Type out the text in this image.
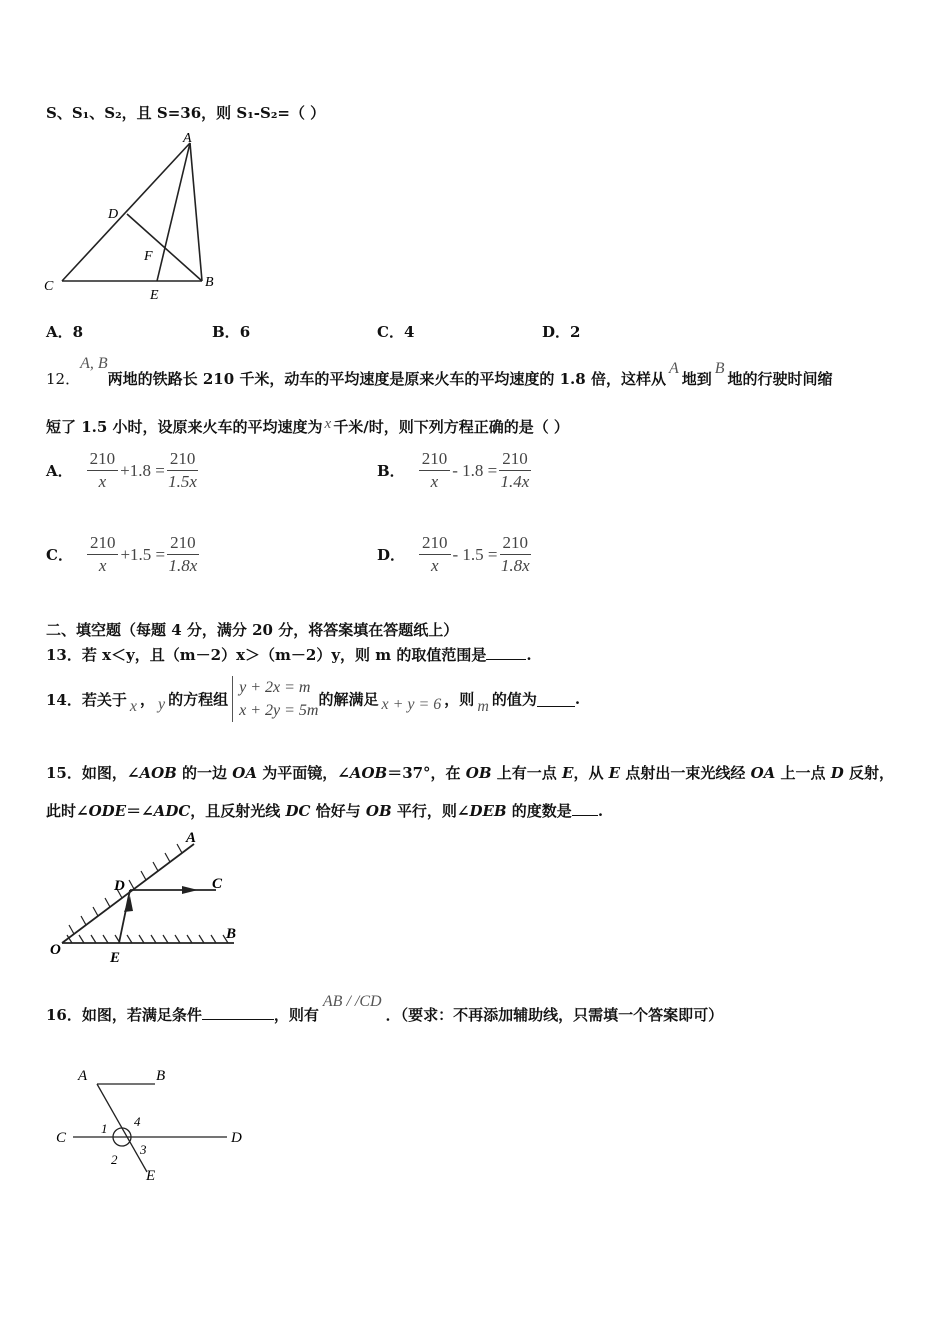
S、S₁、S₂，且 S=36，则 S₁-S₂=（ ）
A
D
F
C
E
B
A．8	B．6	C．4	D．2
12．A, B两地的铁路长 210 千米，动车的平均速度是原来火车的平均速度的 1.8 倍，这样从A地到B地的行驶时间缩
短了 1.5 小时，设原来火车的平均速度为 x 千米/时，则下列方程正确的是（ ）
A． $\frac{210}{x} +1.8 = \frac{210}{1.5x}$	B． $\frac{210}{x} - 1.8 = \frac{210}{1.4x}$
C． $\frac{210}{x} +1.5 = \frac{210}{1.8x}$	D． $\frac{210}{x} - 1.5 = \frac{210}{1.8x}$
二、填空题（每题 4 分，满分 20 分，将答案填在答题纸上）
13．若 x＜y，且（m－2）x＞（m－2）y，则 m 的取值范围是	.
14．若关于 x ， y 的方程组
y + 2x = m
x + 2y = 5m
的解满足 x + y = 6 ，则 m 的值为	.
15．如图，∠AOB 的一边 OA 为平面镜，∠AOB＝37°，在 OB 上有一点 E，从 E 点射出一束光线经 OA 上一点 D 反射，
此时∠ODE＝∠ADC，且反射光线 DC 恰好与 OB 平行，则∠DEB 的度数是 .
A
D	C
O	E
B
16．如图，若满足条件	，则有AB / /CD．（要求：不再添加辅助线，只需填一个答案即可）
A	B
C	D
1 4
2
3
E
